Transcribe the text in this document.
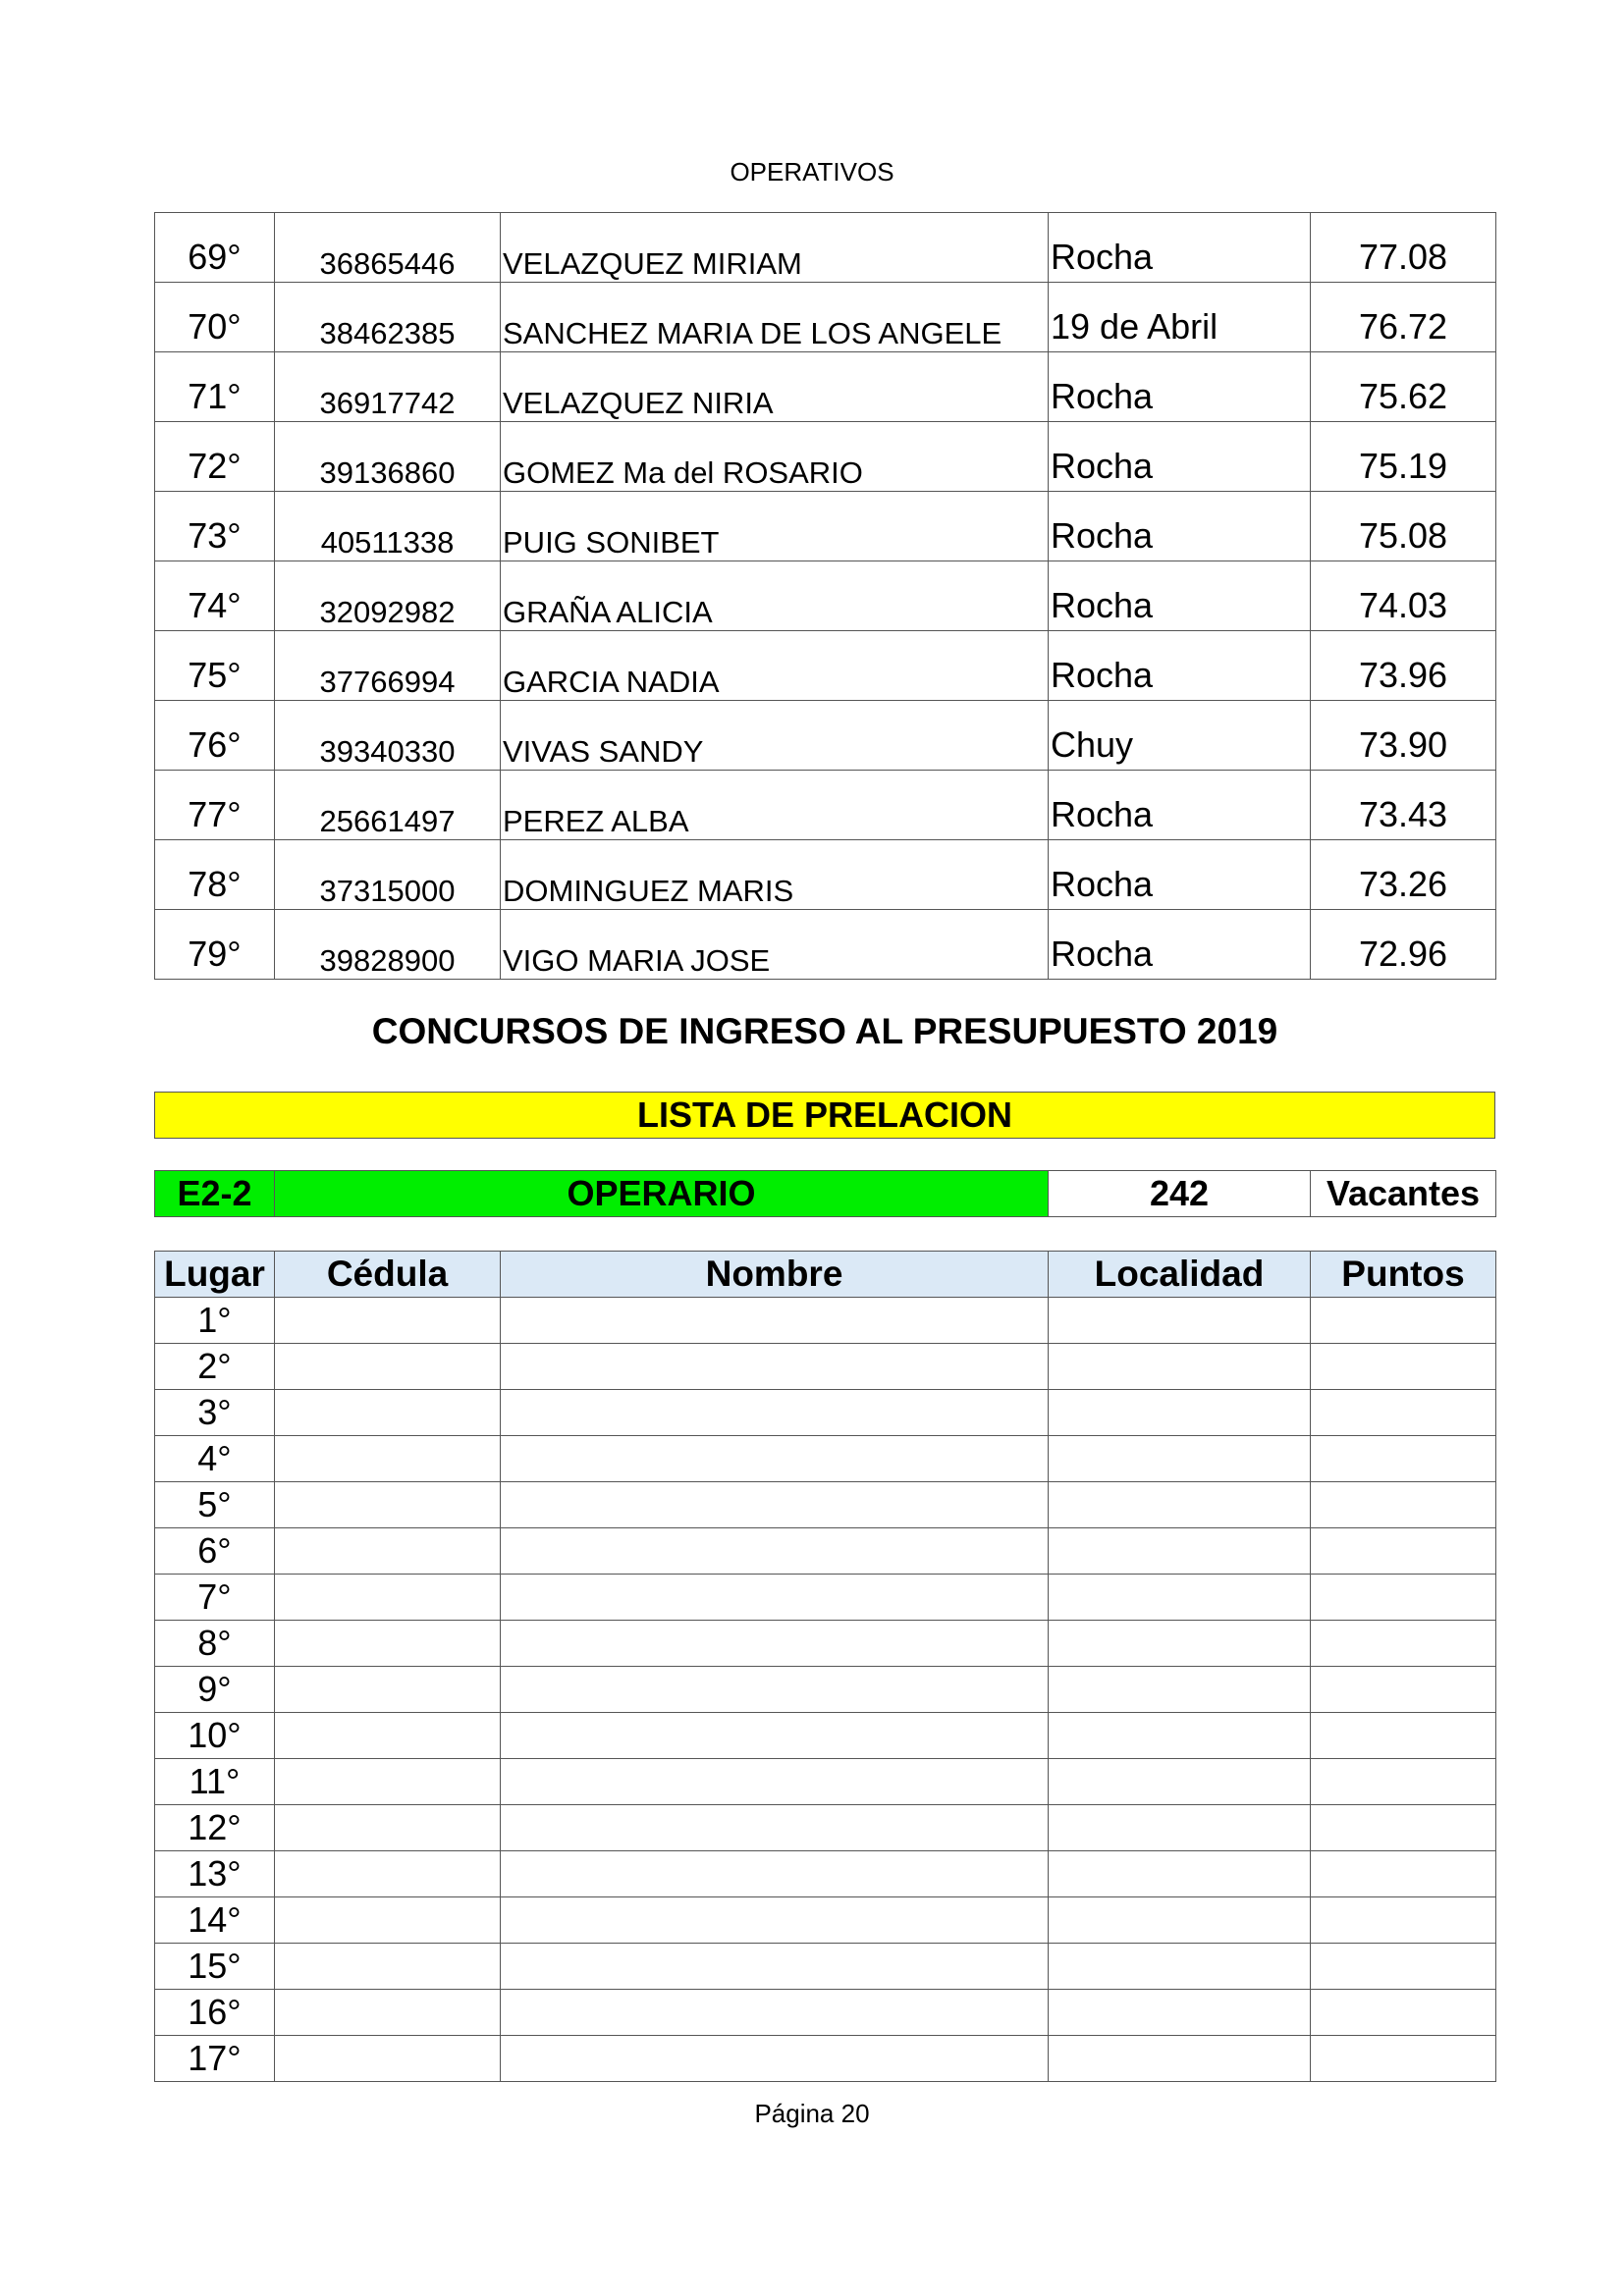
OPERATIVOS
69°	36865446	VELAZQUEZ MIRIAM	Rocha	77.08
70°	38462385	SANCHEZ MARIA DE LOS ANGELE	19 de Abril	76.72
71°	36917742	VELAZQUEZ NIRIA	Rocha	75.62
72°	39136860	GOMEZ Ma del ROSARIO	Rocha	75.19
73°	40511338	PUIG SONIBET	Rocha	75.08
74°	32092982	GRAÑA ALICIA	Rocha	74.03
75°	37766994	GARCIA NADIA	Rocha	73.96
76°	39340330	VIVAS SANDY	Chuy	73.90
77°	25661497	PEREZ ALBA	Rocha	73.43
78°	37315000	DOMINGUEZ MARIS	Rocha	73.26
79°	39828900	VIGO MARIA JOSE	Rocha	72.96
CONCURSOS DE INGRESO AL PRESUPUESTO 2019
LISTA DE PRELACION
E2-2	OPERARIO	242	Vacantes
Lugar	Cédula	Nombre	Localidad	Puntos
1°				
2°				
3°				
4°				
5°				
6°				
7°				
8°				
9°				
10°				
11°				
12°				
13°				
14°				
15°				
16°				
17°				
Página 20
